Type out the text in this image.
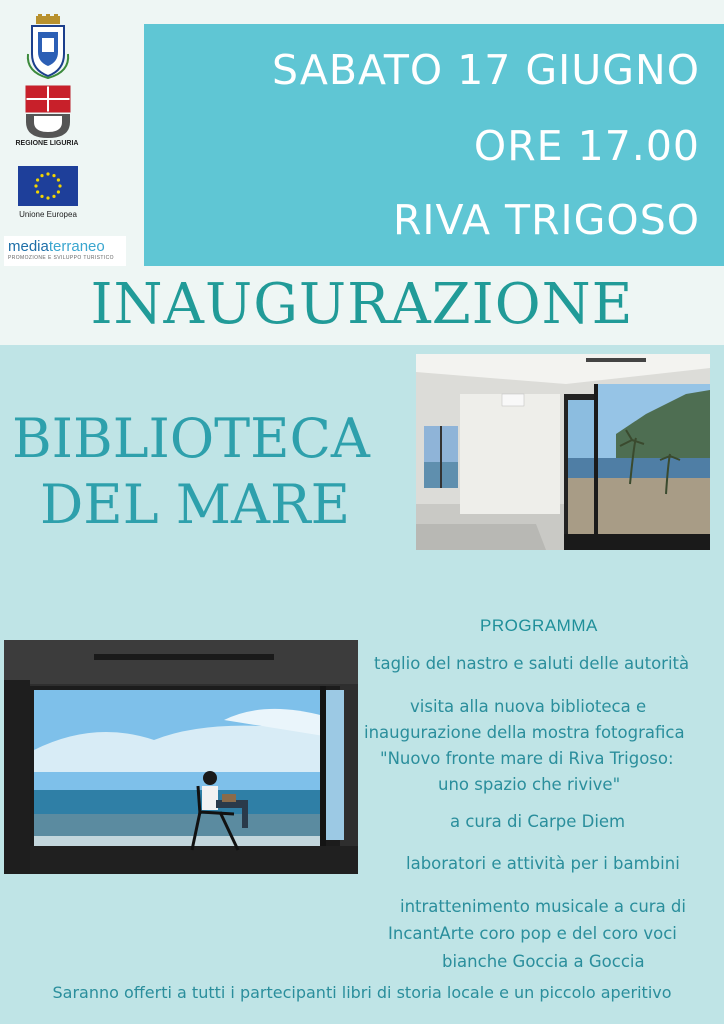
REGIONE LIGURIA
Unione Europea
mediaterraneo
PROMOZIONE E SVILUPPO TURISTICO
SABATO 17 GIUGNO
ORE 17.00
RIVA TRIGOSO
INAUGURAZIONE
BIBLIOTECA
DEL MARE
PROGRAMMA
taglio del nastro e saluti delle autorità
visita alla nuova biblioteca e
inaugurazione della mostra fotografica
"Nuovo fronte mare di Riva Trigoso:
uno spazio che rivive"
a cura di Carpe Diem
laboratori e attività per i bambini
intrattenimento musicale a cura di
IncantArte coro pop e del coro voci
bianche Goccia a Goccia
Saranno offerti a tutti i partecipanti libri di storia locale e un piccolo aperitivo
